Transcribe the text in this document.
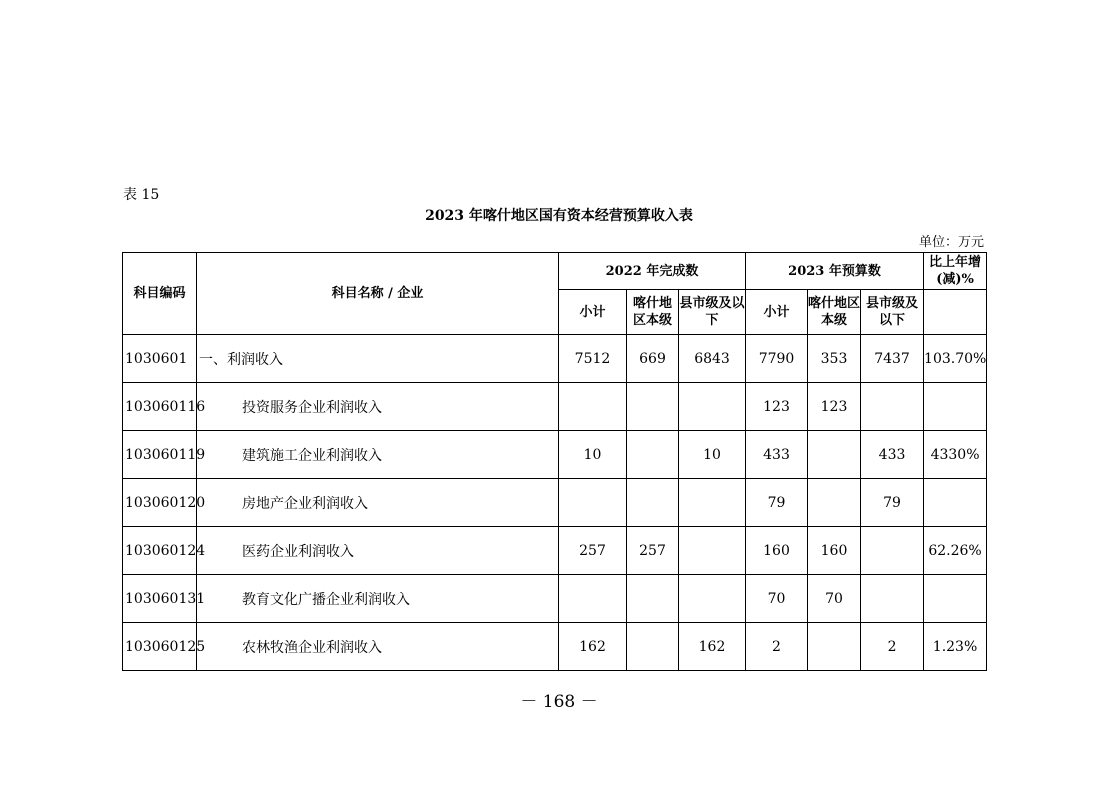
表 15
2023 年喀什地区国有资本经营预算收入表
单位：万元
科目编码	科目名称 / 企业	2022 年完成数			2023 年预算数			比上年增(减)%
		小计	喀什地区本级	县市级及以下	小计	喀什地区本级	县市级及以下	
1030601	一、利润收入	7512	669	6843	7790	353	7437	103.70%
103060116	投资服务企业利润收入				123	123		
103060119	建筑施工企业利润收入	10		10	433		433	4330%
103060120	房地产企业利润收入				79		79	
103060124	医药企业利润收入	257	257		160	160		62.26%
103060131	教育文化广播企业利润收入				70	70		
103060125	农林牧渔企业利润收入	162		162	2		2	1.23%
－ 168 －
